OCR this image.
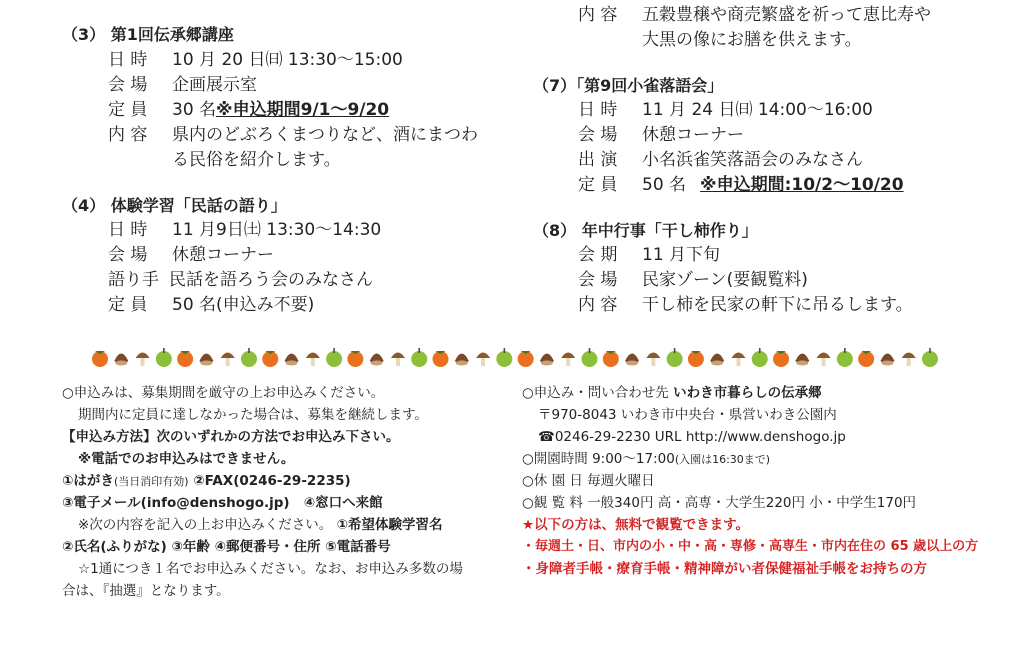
（3） 第1回伝承郷講座
日 時 10 月 20 日㈰ 13:30～15:00
会 場 企画展示室
定 員 30 名※申込期間9/1～9/20
内 容 県内のどぶろくまつりなど、酒にまつわ
る民俗を紹介します。
（4） 体験学習「民話の語り」
日 時 11 月9日㈯ 13:30～14:30
会 場 休憩コーナー
語り手 民話を語ろう会のみなさん
定 員 50 名(申込み不要)
内 容 五穀豊穣や商売繁盛を祈って恵比寿や
大黒の像にお膳を供えます。
（7）「第9回小雀落語会」
日 時 11 月 24 日㈰ 14:00～16:00
会 場 休憩コーナー
出 演 小名浜雀笑落語会のみなさん
定 員 50 名 ※申込期間:10/2～10/20
（8） 年中行事「干し柿作り」
会 期 11 月下旬
会 場 民家ゾーン(要観覧料)
内 容 干し柿を民家の軒下に吊るします。
○申込みは、募集期間を厳守の上お申込みください。
期間内に定員に達しなかった場合は、募集を継続します。
【申込み方法】次のいずれかの方法でお申込み下さい。
※電話でのお申込みはできません。
①はがき(当日消印有効) ②FAX(0246-29-2235)
③電子メール(info@denshogo.jp) ④窓口へ来館
※次の内容を記入の上お申込みください。 ①希望体験学習名
②氏名(ふりがな) ③年齢 ④郵便番号・住所 ⑤電話番号
☆1通につき１名でお申込みください。なお、お申込み多数の場
合は、『抽選』となります。
○申込み・問い合わせ先 いわき市暮らしの伝承郷
〒970-8043 いわき市中央台・県営いわき公園内
☎0246-29-2230 URL http://www.denshogo.jp
○開園時間 9:00～17:00(入園は16:30まで)
○休 園 日 毎週火曜日
○観 覧 料 一般340円 高・高専・大学生220円 小・中学生170円
★以下の方は、無料で観覧できます。
・毎週土・日、市内の小・中・高・専修・高専生・市内在住の 65 歳以上の方
・身障者手帳・療育手帳・精神障がい者保健福祉手帳をお持ちの方
